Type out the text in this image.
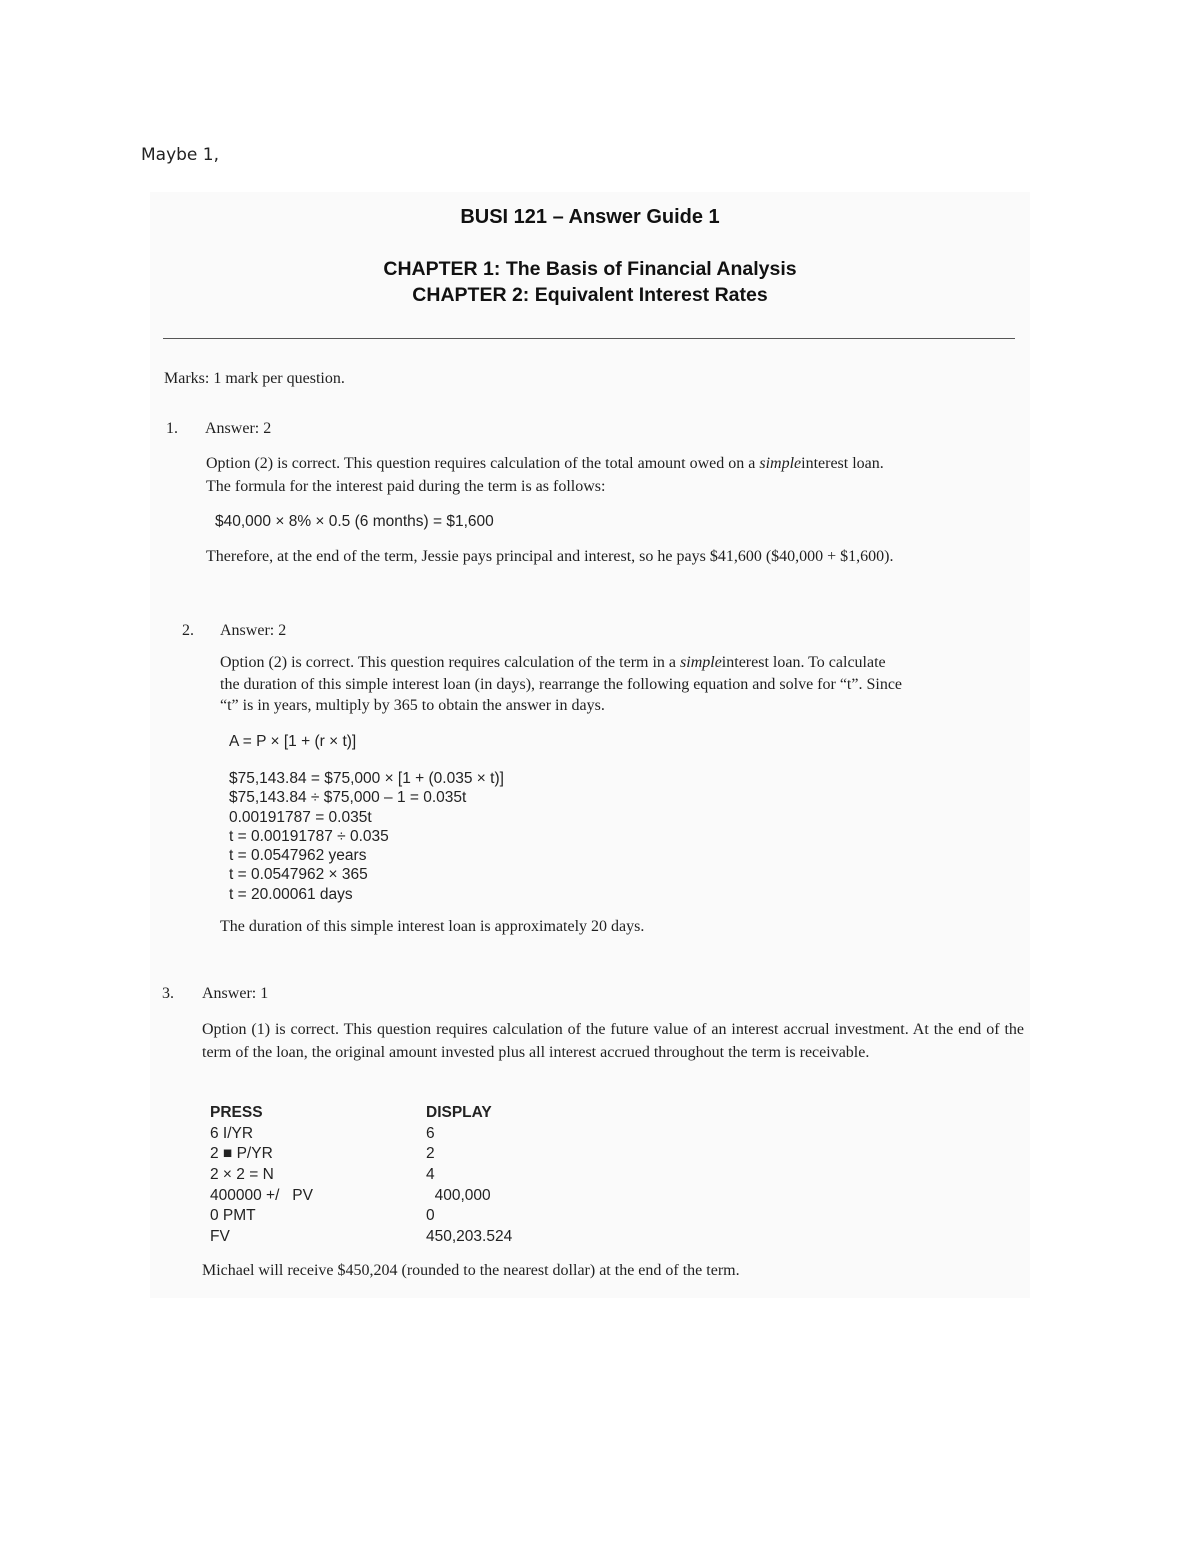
Maybe 1,
BUSI 121 – Answer Guide 1
CHAPTER 1: The Basis of Financial Analysis
CHAPTER 2: Equivalent Interest Rates
Marks: 1 mark per question.
1. Answer: 2
Option (2) is correct. This question requires calculation of the total amount owed on a simpleinterest loan.
The formula for the interest paid during the term is as follows:
$40,000 × 8% × 0.5 (6 months) = $1,600
Therefore, at the end of the term, Jessie pays principal and interest, so he pays $41,600 ($40,000 + $1,600).
2. Answer: 2
Option (2) is correct. This question requires calculation of the term in a simpleinterest loan. To calculate
the duration of this simple interest loan (in days), rearrange the following equation and solve for “t”. Since
“t” is in years, multiply by 365 to obtain the answer in days.
A = P × [1 + (r × t)]
$75,143.84 = $75,000 × [1 + (0.035 × t)]
$75,143.84 ÷ $75,000 – 1 = 0.035t
0.00191787 = 0.035t
t = 0.00191787 ÷ 0.035
t = 0.0547962 years
t = 0.0547962 × 365
t = 20.00061 days
The duration of this simple interest loan is approximately 20 days.
3. Answer: 1
Option (1) is correct. This question requires calculation of the future value of an interest accrual investment. At the end of the term of the loan, the original amount invested plus all interest accrued throughout the term is receivable.
PRESS	DISPLAY
6 I/YR	6
2 ■ P/YR	2
2 × 2 = N	4
400000 +/   PV	400,000
0 PMT	0
FV	450,203.524
Michael will receive $450,204 (rounded to the nearest dollar) at the end of the term.
